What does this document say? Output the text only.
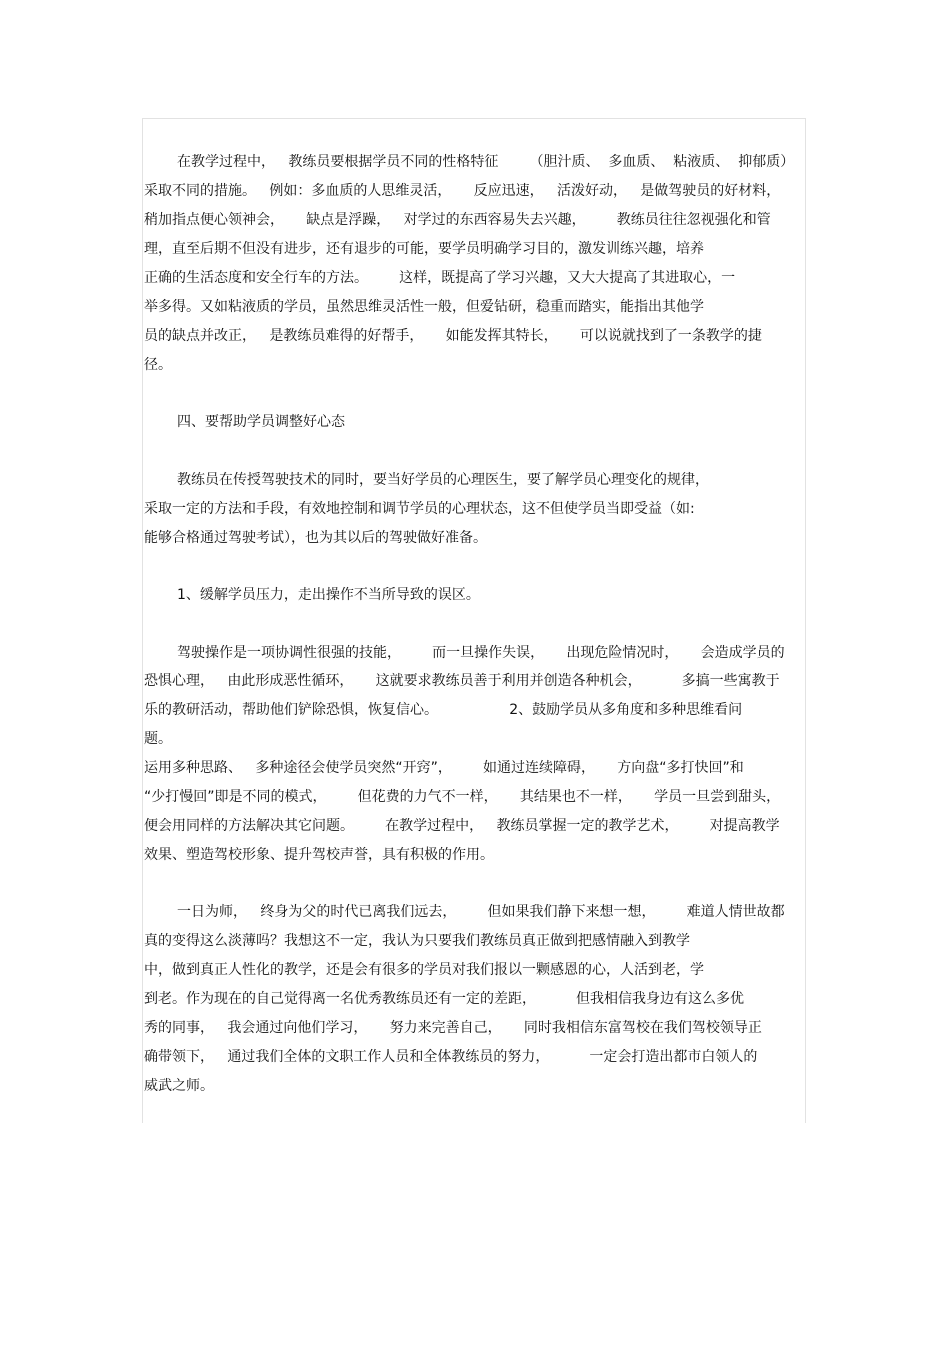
在教学过程中，   教练员要根据学员不同的性格特征       （胆汁质、  多血质、  粘液质、  抑郁质）
采取不同的措施。   例如：多血质的人思维灵活，     反应迅速，   活泼好动，   是做驾驶员的好材料，
稍加指点便心领神会，     缺点是浮躁，   对学过的东西容易失去兴趣，       教练员往往忽视强化和管
理，直至后期不但没有进步，还有退步的可能，要学员明确学习目的，激发训练兴趣，培养
正确的生活态度和安全行车的方法。       这样，既提高了学习兴趣，又大大提高了其进取心，一
举多得。又如粘液质的学员，虽然思维灵活性一般，但爱钻研，稳重而踏实，能指出其他学
员的缺点并改正，   是教练员难得的好帮手，     如能发挥其特长，     可以说就找到了一条教学的捷
径。
四、要帮助学员调整好心态
教练员在传授驾驶技术的同时，要当好学员的心理医生，要了解学员心理变化的规律，
采取一定的方法和手段，有效地控制和调节学员的心理状态，这不但使学员当即受益（如:
能够合格通过驾驶考试），也为其以后的驾驶做好准备。
1、缓解学员压力，走出操作不当所导致的误区。
驾驶操作是一项协调性很强的技能，       而一旦操作失误，     出现危险情况时，     会造成学员的
恐惧心理，   由此形成恶性循环，     这就要求教练员善于利用并创造各种机会，         多搞一些寓教于
乐的教研活动，帮助他们铲除恐惧，恢复信心。                2、鼓励学员从多角度和多种思维看问
题。
运用多种思路、   多种途径会使学员突然“开窍”，       如通过连续障碍，     方向盘“多打快回”和
“少打慢回”即是不同的模式，       但花费的力气不一样，     其结果也不一样，     学员一旦尝到甜头，
便会用同样的方法解决其它问题。       在教学过程中，   教练员掌握一定的教学艺术，       对提高教学
效果、塑造驾校形象、提升驾校声誉，具有积极的作用。
一日为师，   终身为父的时代已离我们远去，       但如果我们静下来想一想，       难道人情世故都
真的变得这么淡薄吗？我想这不一定，我认为只要我们教练员真正做到把感情融入到教学
中，做到真正人性化的教学，还是会有很多的学员对我们报以一颗感恩的心，人活到老，学
到老。作为现在的自己觉得离一名优秀教练员还有一定的差距，         但我相信我身边有这么多优
秀的同事，   我会通过向他们学习，     努力来完善自己，     同时我相信东富驾校在我们驾校领导正
确带领下，   通过我们全体的文职工作人员和全体教练员的努力，         一定会打造出都市白领人的
威武之师。
